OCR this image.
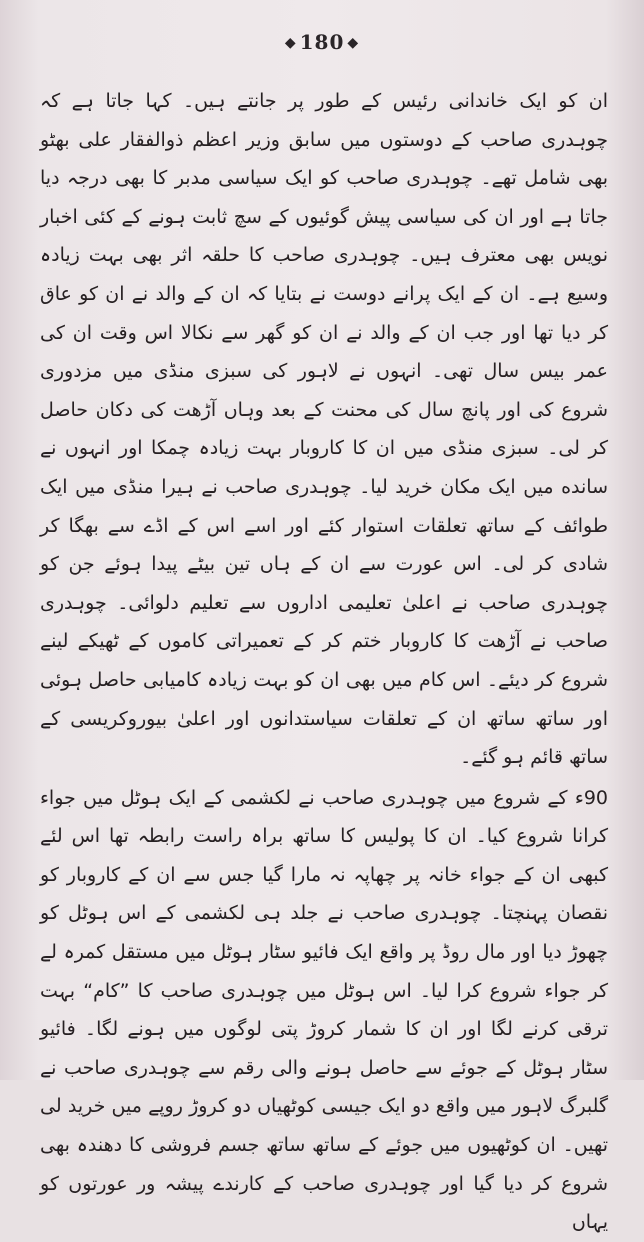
◆ 180 ◆

ان کو ایک خاندانی رئیس کے طور پر جانتے ہیں۔ کہا جاتا ہے کہ چوہدری صاحب کے دوستوں میں سابق وزیر اعظم ذوالفقار علی بھٹو بھی شامل تھے۔ چوہدری صاحب کو ایک سیاسی مدبر کا بھی درجہ دیا جاتا ہے اور ان کی سیاسی پیش گوئیوں کے سچ ثابت ہونے کے کئی اخبار نویس بھی معترف ہیں۔ چوہدری صاحب کا حلقہ اثر بھی بہت زیادہ وسیع ہے۔ ان کے ایک پرانے دوست نے بتایا کہ ان کے والد نے ان کو عاق کر دیا تھا اور جب ان کے والد نے ان کو گھر سے نکالا اس وقت ان کی عمر بیس سال تھی۔ انہوں نے لاہور کی سبزی منڈی میں مزدوری شروع کی اور پانچ سال کی محنت کے بعد وہاں آڑھت کی دکان حاصل کر لی۔ سبزی منڈی میں ان کا کاروبار بہت زیادہ چمکا اور انہوں نے سانده میں ایک مکان خرید لیا۔ چوہدری صاحب نے ہیرا منڈی میں ایک طوائف کے ساتھ تعلقات استوار کئے اور اسے اس کے اڈے سے بھگا کر شادی کر لی۔ اس عورت سے ان کے ہاں تین بیٹے پیدا ہوئے جن کو چوہدری صاحب نے اعلیٰ تعلیمی اداروں سے تعلیم دلوائی۔ چوہدری صاحب نے آڑھت کا کاروبار ختم کر کے تعمیراتی کاموں کے ٹھیکے لینے شروع کر دیئے۔ اس کام میں بھی ان کو بہت زیادہ کامیابی حاصل ہوئی اور ساتھ ساتھ ان کے تعلقات سیاستدانوں اور اعلیٰ بیوروکریسی کے ساتھ قائم ہو گئے۔

90ء کے شروع میں چوہدری صاحب نے لکشمی کے ایک ہوٹل میں جواء کرانا شروع کیا۔ ان کا پولیس کا ساتھ براہ راست رابطہ تھا اس لئے کبھی ان کے جواء خانہ پر چھاپہ نہ مارا گیا جس سے ان کے کاروبار کو نقصان پہنچتا۔ چوہدری صاحب نے جلد ہی لکشمی کے اس ہوٹل کو چھوڑ دیا اور مال روڈ پر واقع ایک فائیو سٹار ہوٹل میں مستقل کمرہ لے کر جواء شروع کرا لیا۔ اس ہوٹل میں چوہدری صاحب کا ”کام“ بہت ترقی کرنے لگا اور ان کا شمار کروڑ پتی لوگوں میں ہونے لگا۔ فائیو سٹار ہوٹل کے جوئے سے حاصل ہونے والی رقم سے چوہدری صاحب نے گلبرگ لاہور میں واقع دو ایک جیسی کوٹھیاں دو کروڑ روپے میں خرید لی تھیں۔ ان کوٹھیوں میں جوئے کے ساتھ ساتھ جسم فروشی کا دھندہ بھی شروع کر دیا گیا اور چوہدری صاحب کے کارندے پیشہ ور عورتوں کو یہاں
